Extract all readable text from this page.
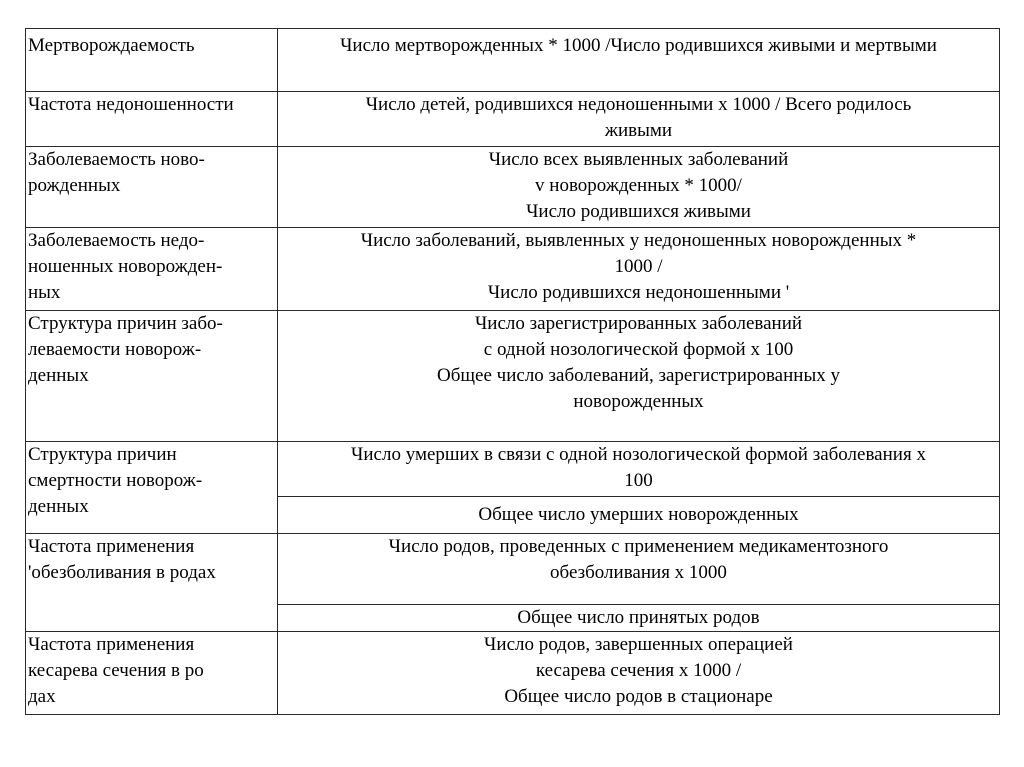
Мертворождаемость	Число мертворожденных * 1000 /Число родившихся живыми и мертвыми

Частота недоношенности	Число детей, родившихся недоношенными х 1000 / Всего родилось
живыми

Заболеваемость ново-
рожденных	Число всех выявленных заболеваний
v новорожденных * 1000/
Число родившихся живыми

Заболеваемость недо-
ношенных новорожден-
ных	Число заболеваний, выявленных у недоношенных новорожденных *
1000 /
Число родившихся недоношенными '

Структура причин забо-
леваемости новорож-
денных	Число зарегистрированных заболеваний
с одной нозологической формой х 100
Общее число заболеваний, зарегистрированных у
новорожденных

Структура причин
смертности новорож-
денных	Число умерших в связи с одной нозологической формой заболевания х
100

	Общее число умерших новорожденных

Частота применения
'обезболивания в родах	Число родов, проведенных с применением медикаментозного
обезболивания х 1000

	Общее число принятых родов

Частота применения
кесарева сечения в ро
дах	Число родов, завершенных операцией
кесарева сечения х 1000 /
Общее число родов в стационаре
